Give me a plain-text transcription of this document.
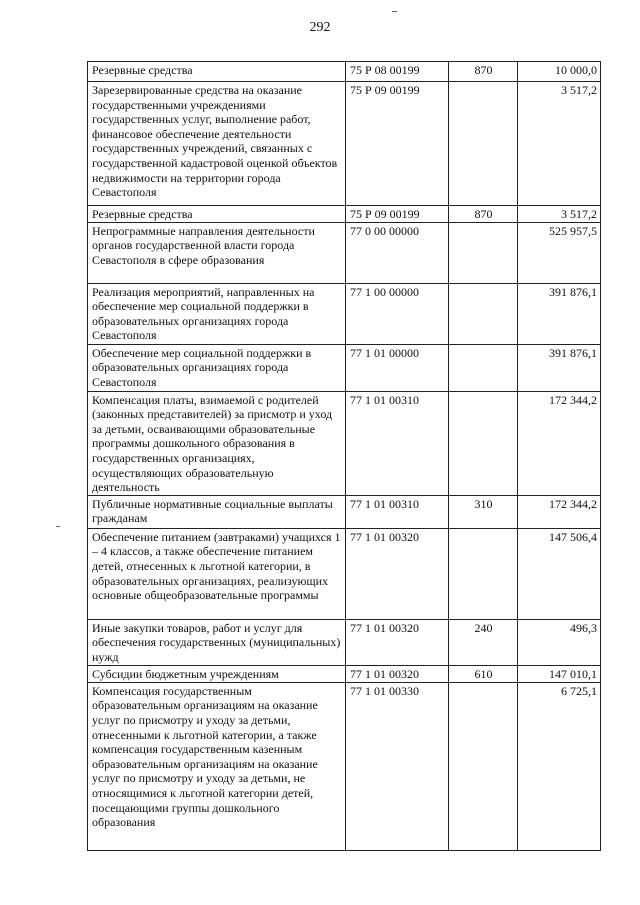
292
Резервные средства	75 Р 08 00199	870	10 000,0
Зарезервированные средства на оказание государственными учреждениями государственных услуг, выполнение работ, финансовое обеспечение деятельности государственных учреждений, связанных с государственной кадастровой оценкой объектов недвижимости на территории города Севастополя	75 Р 09 00199		3 517,2
Резервные средства	75 Р 09 00199	870	3 517,2
Непрограммные направления деятельности органов государственной власти города Севастополя в сфере образования	77 0 00 00000		525 957,5
Реализация мероприятий, направленных на обеспечение мер социальной поддержки в образовательных организациях города Севастополя	77 1 00 00000		391 876,1
Обеспечение мер социальной поддержки в образовательных организациях города Севастополя	77 1 01 00000		391 876,1
Компенсация платы, взимаемой с родителей (законных представителей) за присмотр и уход за детьми, осваивающими образовательные программы дошкольного образования в государственных организациях, осуществляющих образовательную деятельность	77 1 01 00310		172 344,2
Публичные нормативные социальные выплаты гражданам	77 1 01 00310	310	172 344,2
Обеспечение питанием (завтраками) учащихся 1 – 4 классов, а также обеспечение питанием детей, отнесенных к льготной категории, в образовательных организациях, реализующих основные общеобразовательные программы	77 1 01 00320		147 506,4
Иные закупки товаров, работ и услуг для обеспечения государственных (муниципальных) нужд	77 1 01 00320	240	496,3
Субсидии бюджетным учреждениям	77 1 01 00320	610	147 010,1
Компенсация государственным образовательным организациям на оказание услуг по присмотру и уходу за детьми, отнесенными к льготной категории, а также компенсация государственным казенным образовательным организациям на оказание услуг по присмотру и уходу за детьми, не относящимися к льготной категории детей, посещающими группы дошкольного образования	77 1 01 00330		6 725,1
